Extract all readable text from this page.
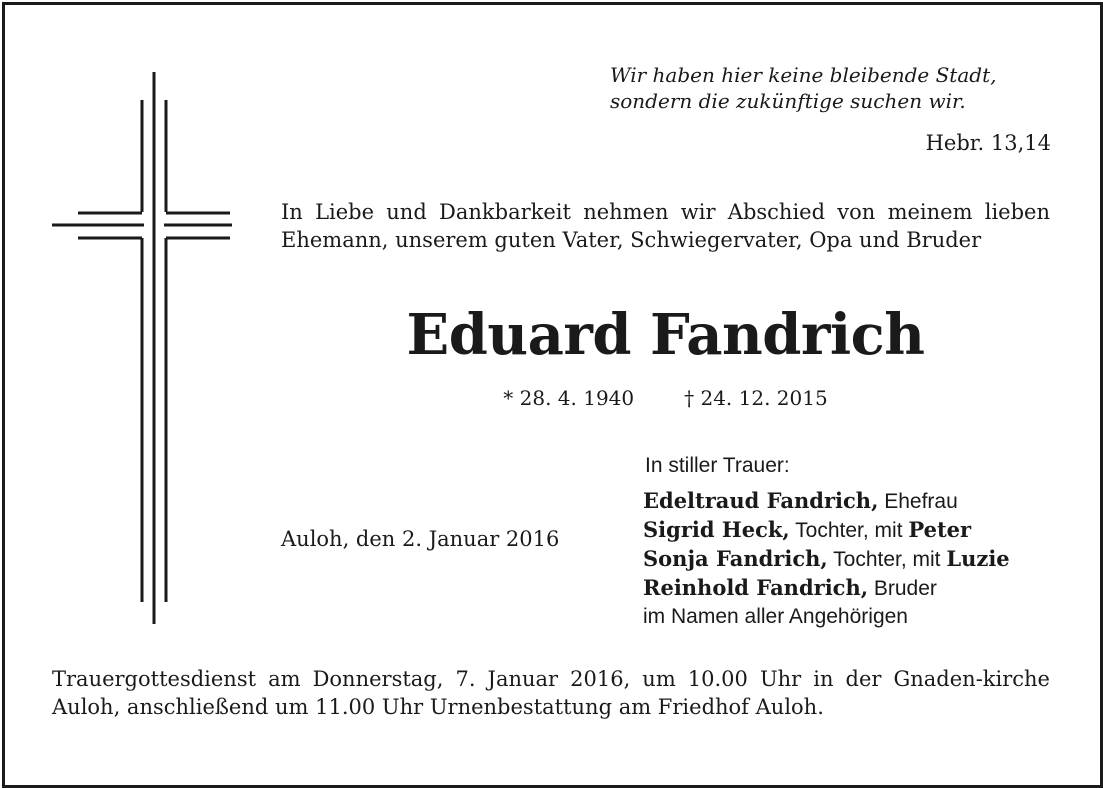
Wir haben hier keine bleibende Stadt,
sondern die zukünftige suchen wir.
Hebr. 13,14
In Liebe und Dankbarkeit nehmen wir Abschied von meinem lieben Ehemann, unserem guten Vater, Schwiegervater, Opa und Bruder
Eduard Fandrich
* 28. 4. 1940	† 24. 12. 2015
Auloh, den 2. Januar 2016
In stiller Trauer:
Edeltraud Fandrich, Ehefrau
Sigrid Heck, Tochter, mit Peter
Sonja Fandrich, Tochter, mit Luzie
Reinhold Fandrich, Bruder
im Namen aller Angehörigen
Trauergottesdienst am Donnerstag, 7. Januar 2016, um 10.00 Uhr in der Gnaden-kirche Auloh, anschließend um 11.00 Uhr Urnenbestattung am Friedhof Auloh.
